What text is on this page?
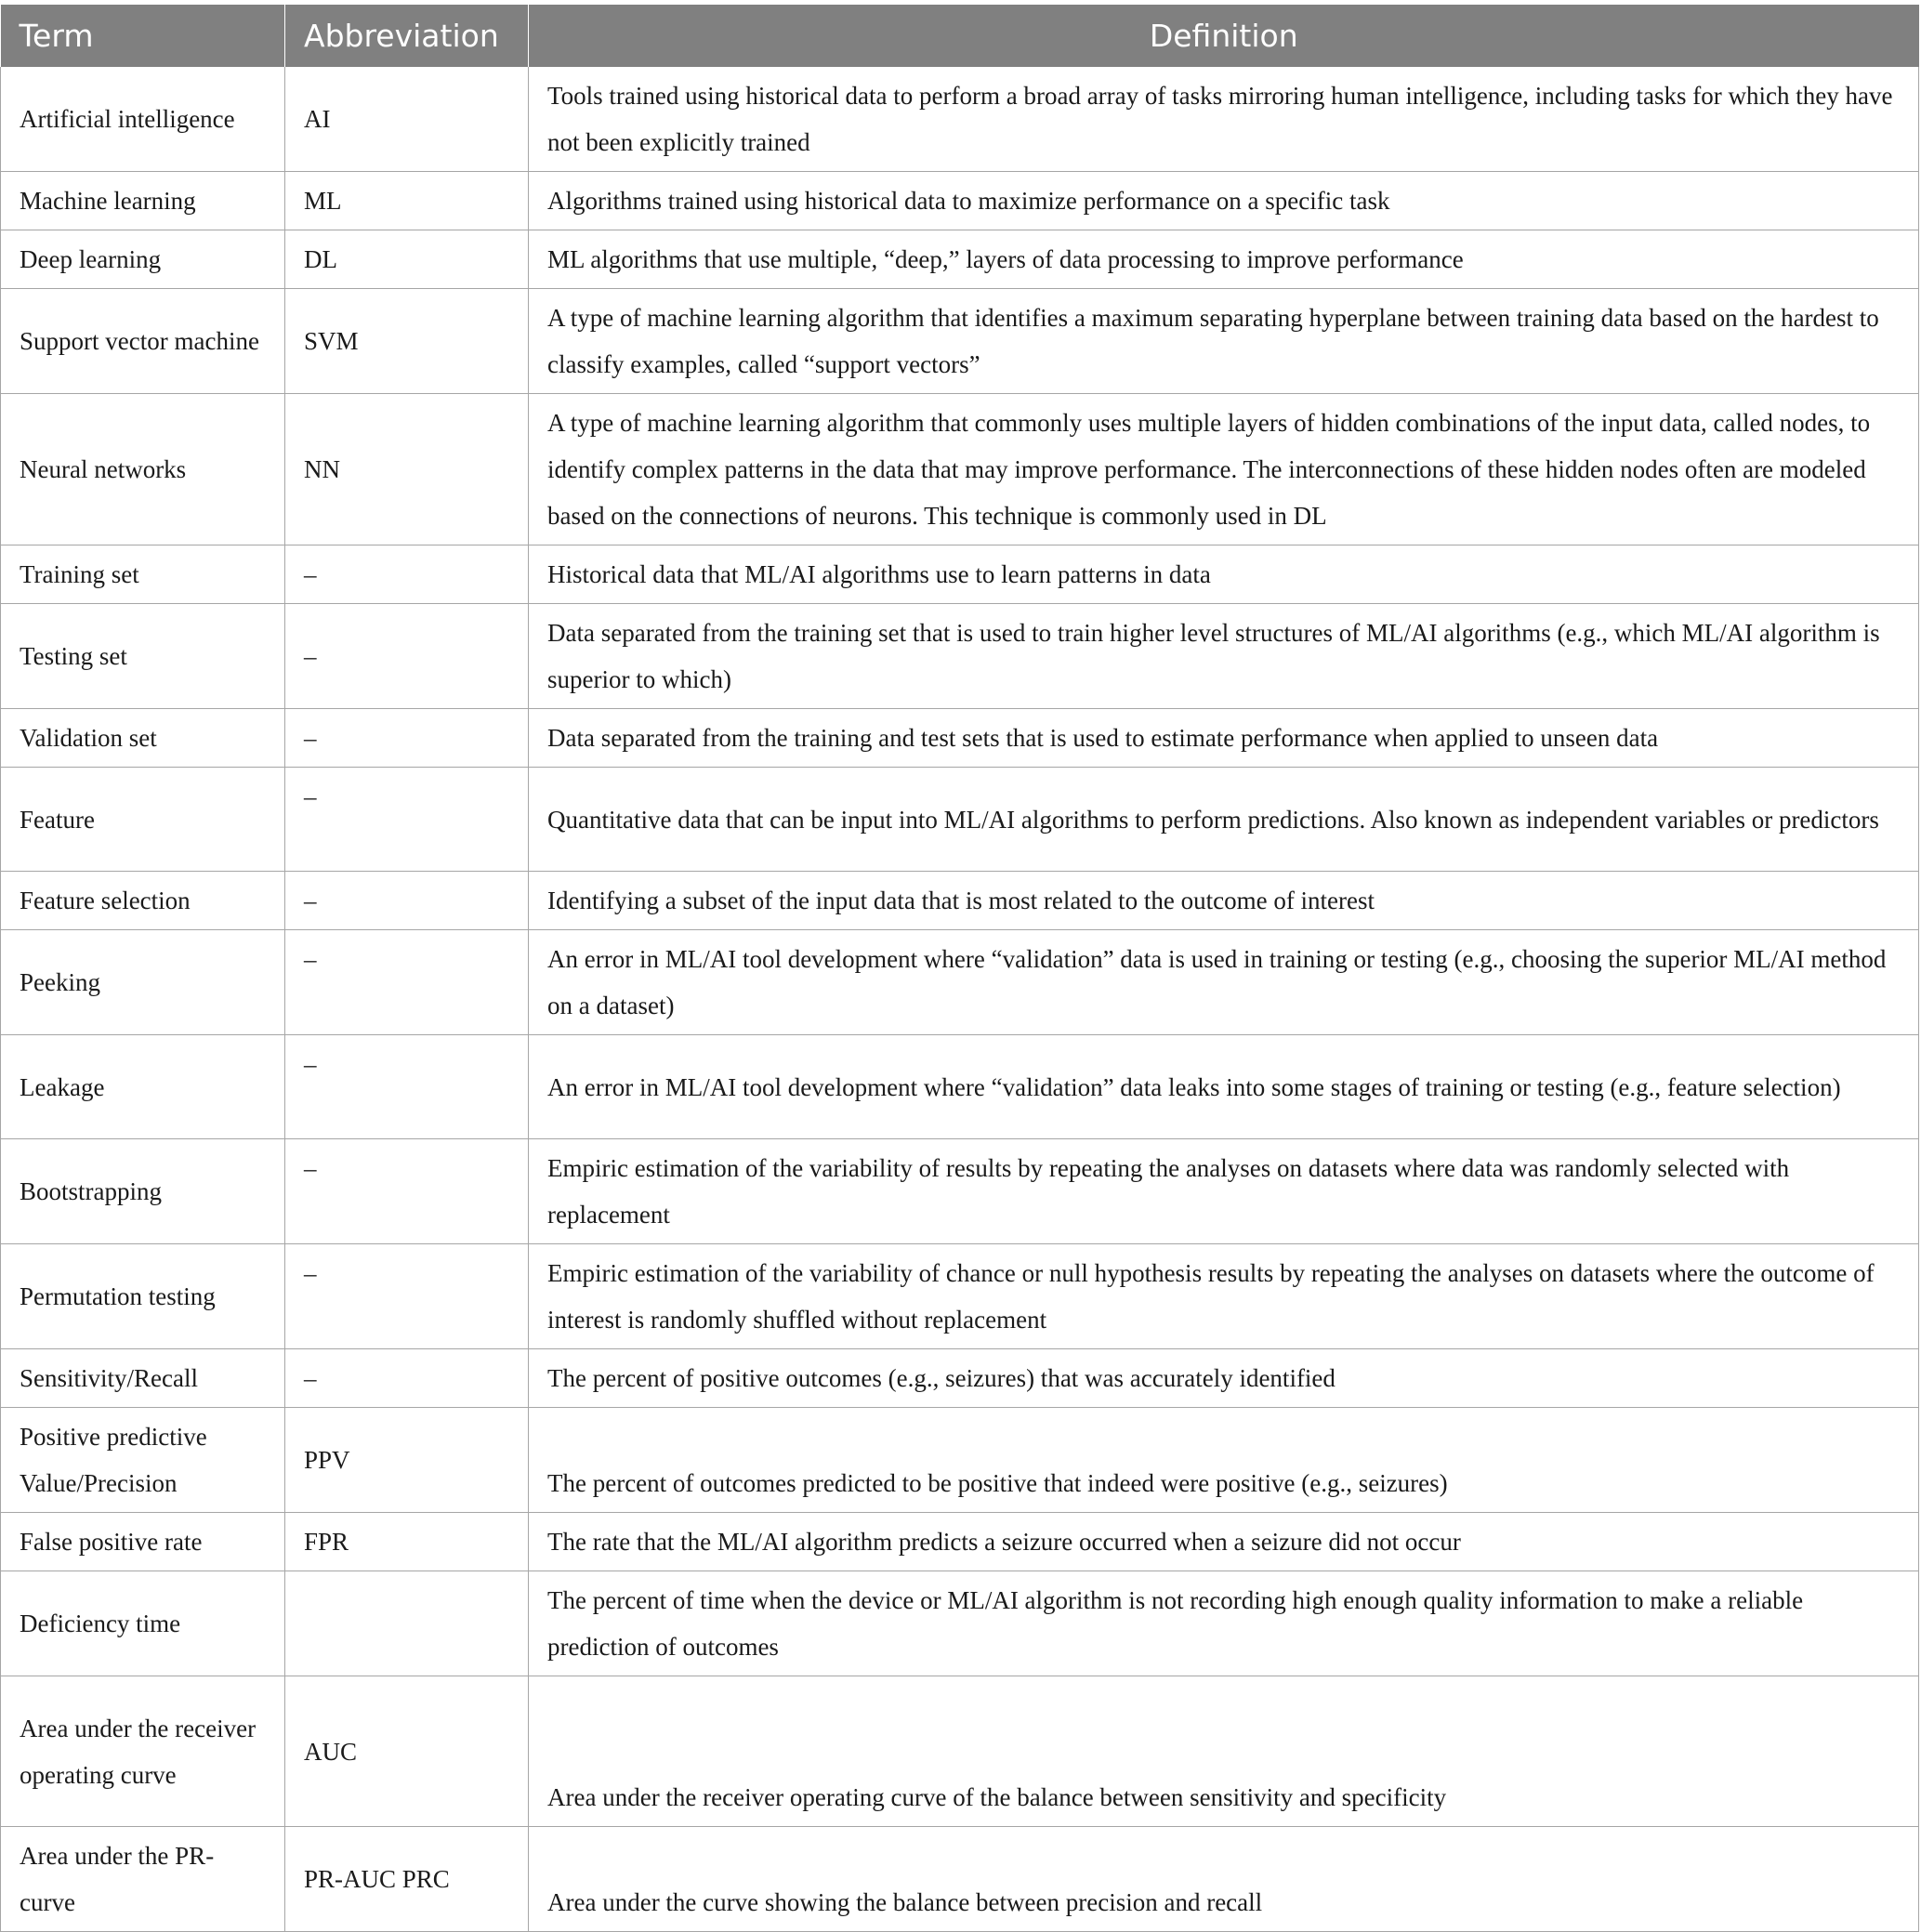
Term	Abbreviation	Definition
Artificial intelligence	AI	Tools trained using historical data to perform a broad array of tasks mirroring human intelligence, including tasks for which they have not been explicitly trained
Machine learning	ML	Algorithms trained using historical data to maximize performance on a specific task
Deep learning	DL	ML algorithms that use multiple, “deep,” layers of data processing to improve performance
Support vector machine	SVM	A type of machine learning algorithm that identifies a maximum separating hyperplane between training data based on the hardest to classify examples, called “support vectors”
Neural networks	NN	A type of machine learning algorithm that commonly uses multiple layers of hidden combinations of the input data, called nodes, to identify complex patterns in the data that may improve performance. The interconnections of these hidden nodes often are modeled based on the connections of neurons. This technique is commonly used in DL
Training set	–	Historical data that ML/AI algorithms use to learn patterns in data
Testing set	–	Data separated from the training set that is used to train higher level structures of ML/AI algorithms (e.g., which ML/AI algorithm is superior to which)
Validation set	–	Data separated from the training and test sets that is used to estimate performance when applied to unseen data
Feature	–	Quantitative data that can be input into ML/AI algorithms to perform predictions. Also known as independent variables or predictors
Feature selection	–	Identifying a subset of the input data that is most related to the outcome of interest
Peeking	–	An error in ML/AI tool development where “validation” data is used in training or testing (e.g., choosing the superior ML/AI method on a dataset)
Leakage	–	An error in ML/AI tool development where “validation” data leaks into some stages of training or testing (e.g., feature selection)
Bootstrapping	–	Empiric estimation of the variability of results by repeating the analyses on datasets where data was randomly selected with replacement
Permutation testing	–	Empiric estimation of the variability of chance or null hypothesis results by repeating the analyses on datasets where the outcome of interest is randomly shuffled without replacement
Sensitivity/Recall	–	The percent of positive outcomes (e.g., seizures) that was accurately identified
Positive predictive Value/Precision	PPV	The percent of outcomes predicted to be positive that indeed were positive (e.g., seizures)
False positive rate	FPR	The rate that the ML/AI algorithm predicts a seizure occurred when a seizure did not occur
Deficiency time		The percent of time when the device or ML/AI algorithm is not recording high enough quality information to make a reliable prediction of outcomes
Area under the receiver operating curve	AUC	Area under the receiver operating curve of the balance between sensitivity and specificity
Area under the PR-curve	PR-AUC PRC	Area under the curve showing the balance between precision and recall
